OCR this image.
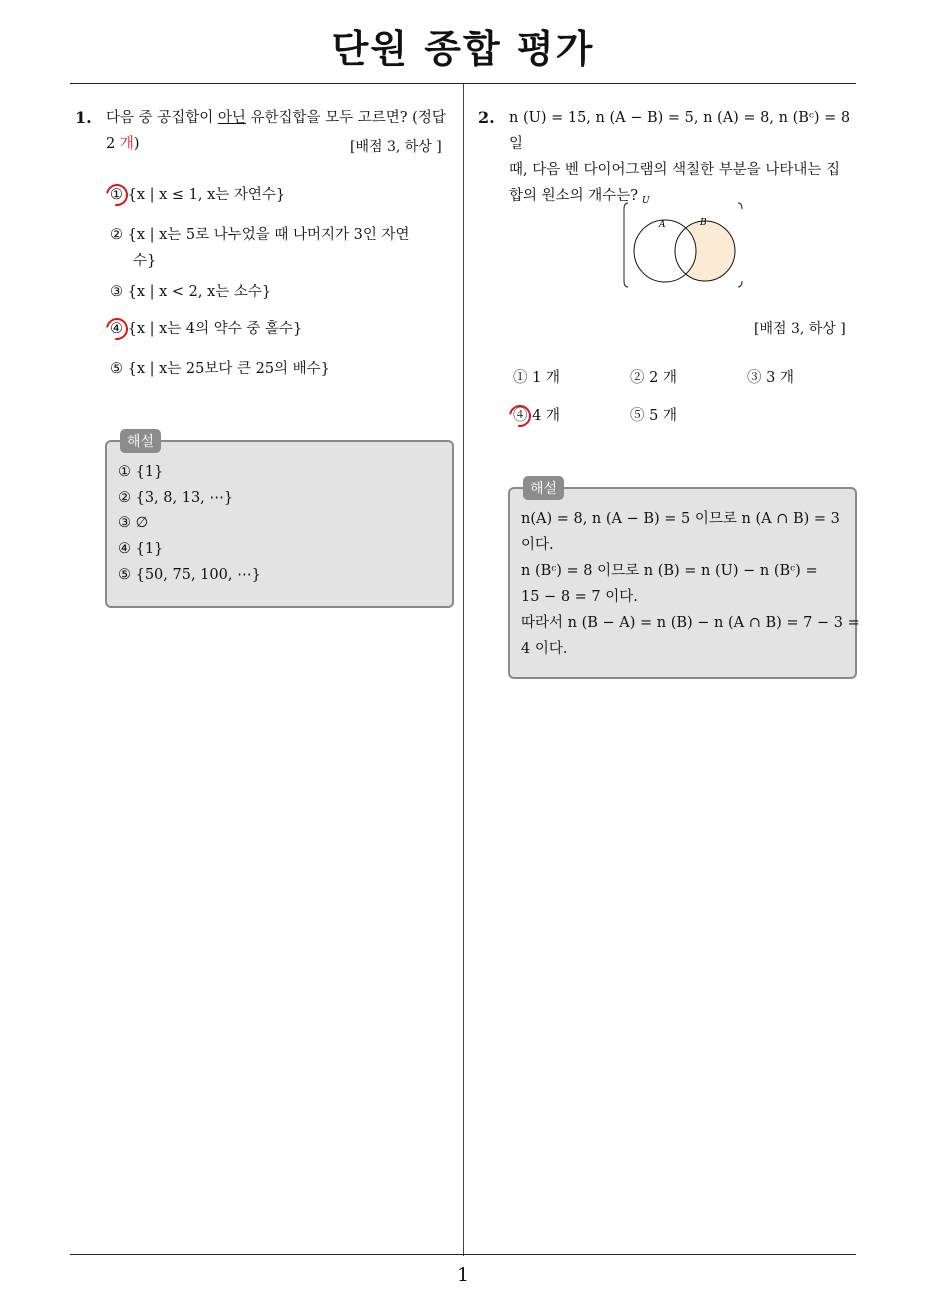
단원 종합 평가
1. 다음 중 공집합이 아닌 유한집합을 모두 고르면? (정답
2 개)	[배점 3, 하상 ]
① {x | x ≤ 1, x는 자연수}
② {x | x는 5로 나누었을 때 나머지가 3인 자연
수}
③ {x | x < 2, x는 소수}
④ {x | x는 4의 약수 중 홀수}
⑤ {x | x는 25보다 큰 25의 배수}
해설
① {1}
② {3, 8, 13, ⋯}
③ ∅
④ {1}
⑤ {50, 75, 100, ⋯}
2. n (U) = 15, n (A − B) = 5, n (A) = 8, n (Bᶜ) = 8 일
때, 다음 벤 다이어그램의 색칠한 부분을 나타내는 집
합의 원소의 개수는? U
A	B
[배점 3, 하상 ]
① 1 개	② 2 개	③ 3 개
④ 4 개	⑤ 5 개
해설
n(A) = 8, n (A − B) = 5 이므로 n (A ∩ B) = 3
이다.
n (Bᶜ) = 8 이므로 n (B) = n (U) − n (Bᶜ) =
15 − 8 = 7 이다.
따라서 n (B − A) = n (B) − n (A ∩ B) = 7 − 3 =
4 이다.
1
